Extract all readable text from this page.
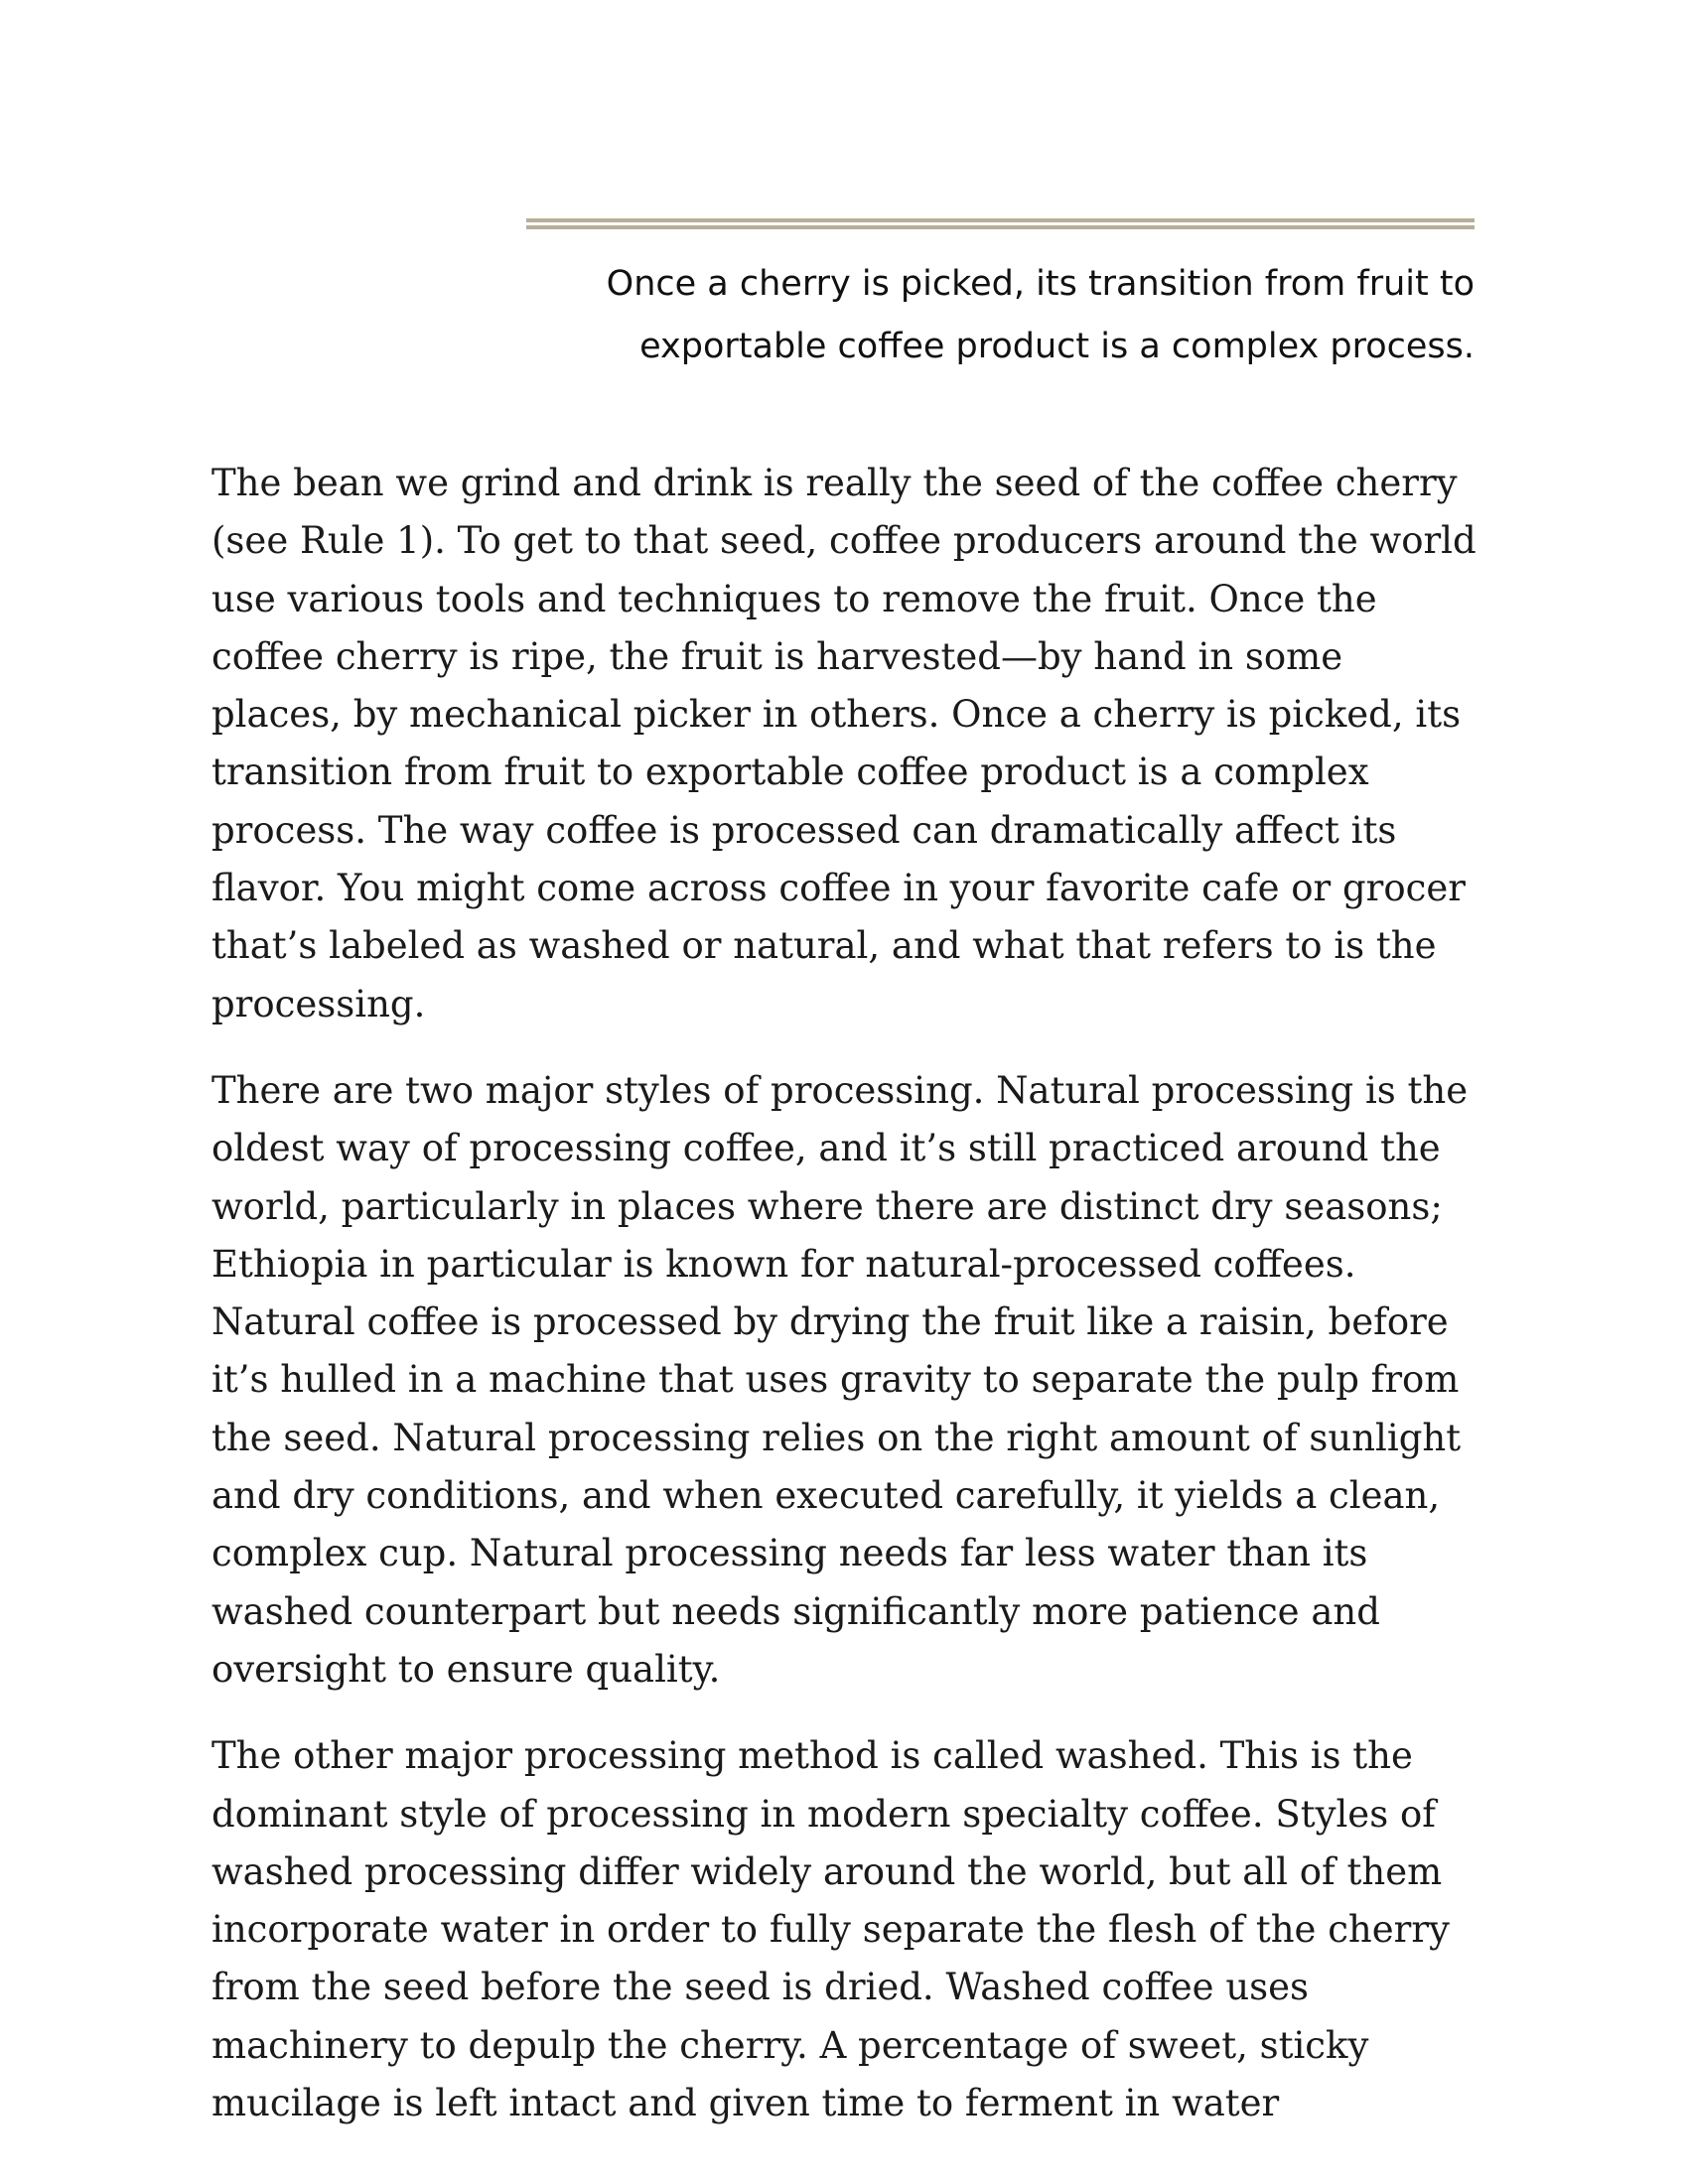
Once a cherry is picked, its transition from fruit to exportable coffee product is a complex process.

The bean we grind and drink is really the seed of the coffee cherry (see Rule 1). To get to that seed, coffee producers around the world use various tools and techniques to remove the fruit. Once the coffee cherry is ripe, the fruit is harvested—by hand in some places, by mechanical picker in others. Once a cherry is picked, its transition from fruit to exportable coffee product is a complex process. The way coffee is processed can dramatically affect its flavor. You might come across coffee in your favorite cafe or grocer that’s labeled as washed or natural, and what that refers to is the processing.

There are two major styles of processing. Natural processing is the oldest way of processing coffee, and it’s still practiced around the world, particularly in places where there are distinct dry seasons; Ethiopia in particular is known for natural-processed coffees. Natural coffee is processed by drying the fruit like a raisin, before it’s hulled in a machine that uses gravity to separate the pulp from the seed. Natural processing relies on the right amount of sunlight and dry conditions, and when executed carefully, it yields a clean, complex cup. Natural processing needs far less water than its washed counterpart but needs significantly more patience and oversight to ensure quality.

The other major processing method is called washed. This is the dominant style of processing in modern specialty coffee. Styles of washed processing differ widely around the world, but all of them incorporate water in order to fully separate the flesh of the cherry from the seed before the seed is dried. Washed coffee uses machinery to depulp the cherry. A percentage of sweet, sticky mucilage is left intact and given time to ferment in water
